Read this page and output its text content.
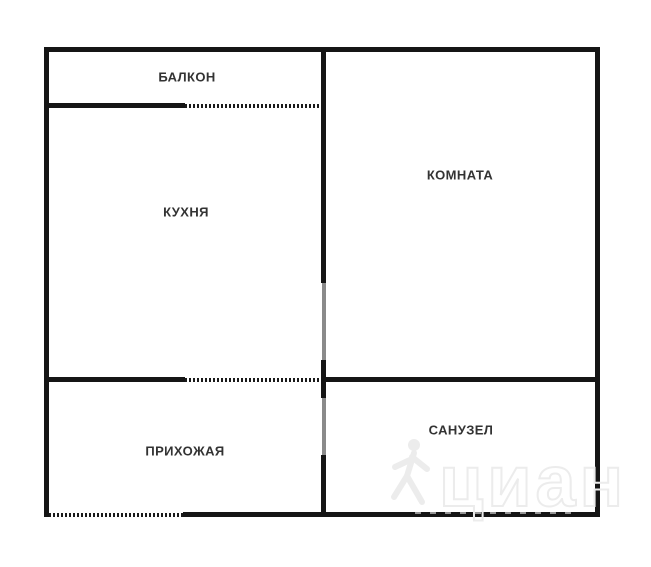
БАЛКОН
КУХНЯ
КОМНАТА
ПРИХОЖАЯ
САНУЗЕЛ
циан
